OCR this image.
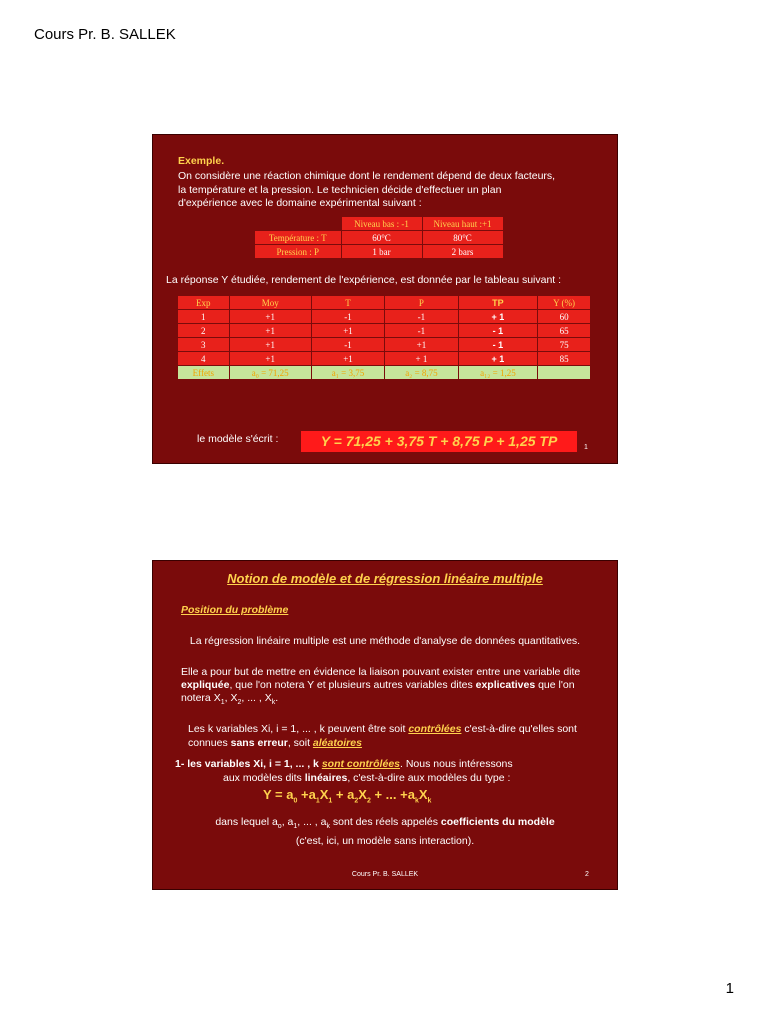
Cours Pr. B. SALLEK
Exemple.
On considère une réaction chimique dont le rendement dépend de deux facteurs,
la température et la pression. Le technicien décide d'effectuer un plan
d'expérience avec le domaine expérimental suivant :
	Niveau bas : -1	Niveau haut :+1
Température : T	60°C	80°C
Pression : P	1 bar	2 bars
La réponse Y étudiée, rendement de l'expérience, est donnée par le tableau suivant :
Exp	Moy	T	P	TP	Y (%)
1	+1	-1	-1	+ 1	60
2	+1	+1	-1	- 1	65
3	+1	-1	+1	- 1	75
4	+1	+1	+ 1	+ 1	85
Effets	a₀ = 71,25	a₁ = 3,75	a₂ = 8,75	a₁₂ = 1,25	
le modèle s'écrit :	Y = 71,25 + 3,75 T + 8,75 P + 1,25 TP	1
Notion de modèle et de régression linéaire multiple
Position du problème
La régression linéaire multiple est une méthode d'analyse de données quantitatives.
Elle a pour but de mettre en évidence la liaison pouvant exister entre une variable dite expliquée, que l'on notera Y et plusieurs autres variables dites explicatives que l'on notera $X_1$, $X_2$, ... , $X_k$.
Les k variables Xi, i = 1, ... , k peuvent être soit contrôlées c'est-à-dire qu'elles sont connues sans erreur, soit aléatoires
1- les variables Xi, i = 1, ... , k sont contrôlées. Nous nous intéressons
aux modèles dits linéaires, c'est-à-dire aux modèles du type :
$Y = a_0 +a_1X_1 + a_2X_2$ + ... $+a_kX_k$
dans lequel $a_o$, $a_1$, ... , $a_k$ sont des réels appelés coefficients du modèle
(c'est, ici, un modèle sans interaction).
Cours Pr. B. SALLEK	2
1
